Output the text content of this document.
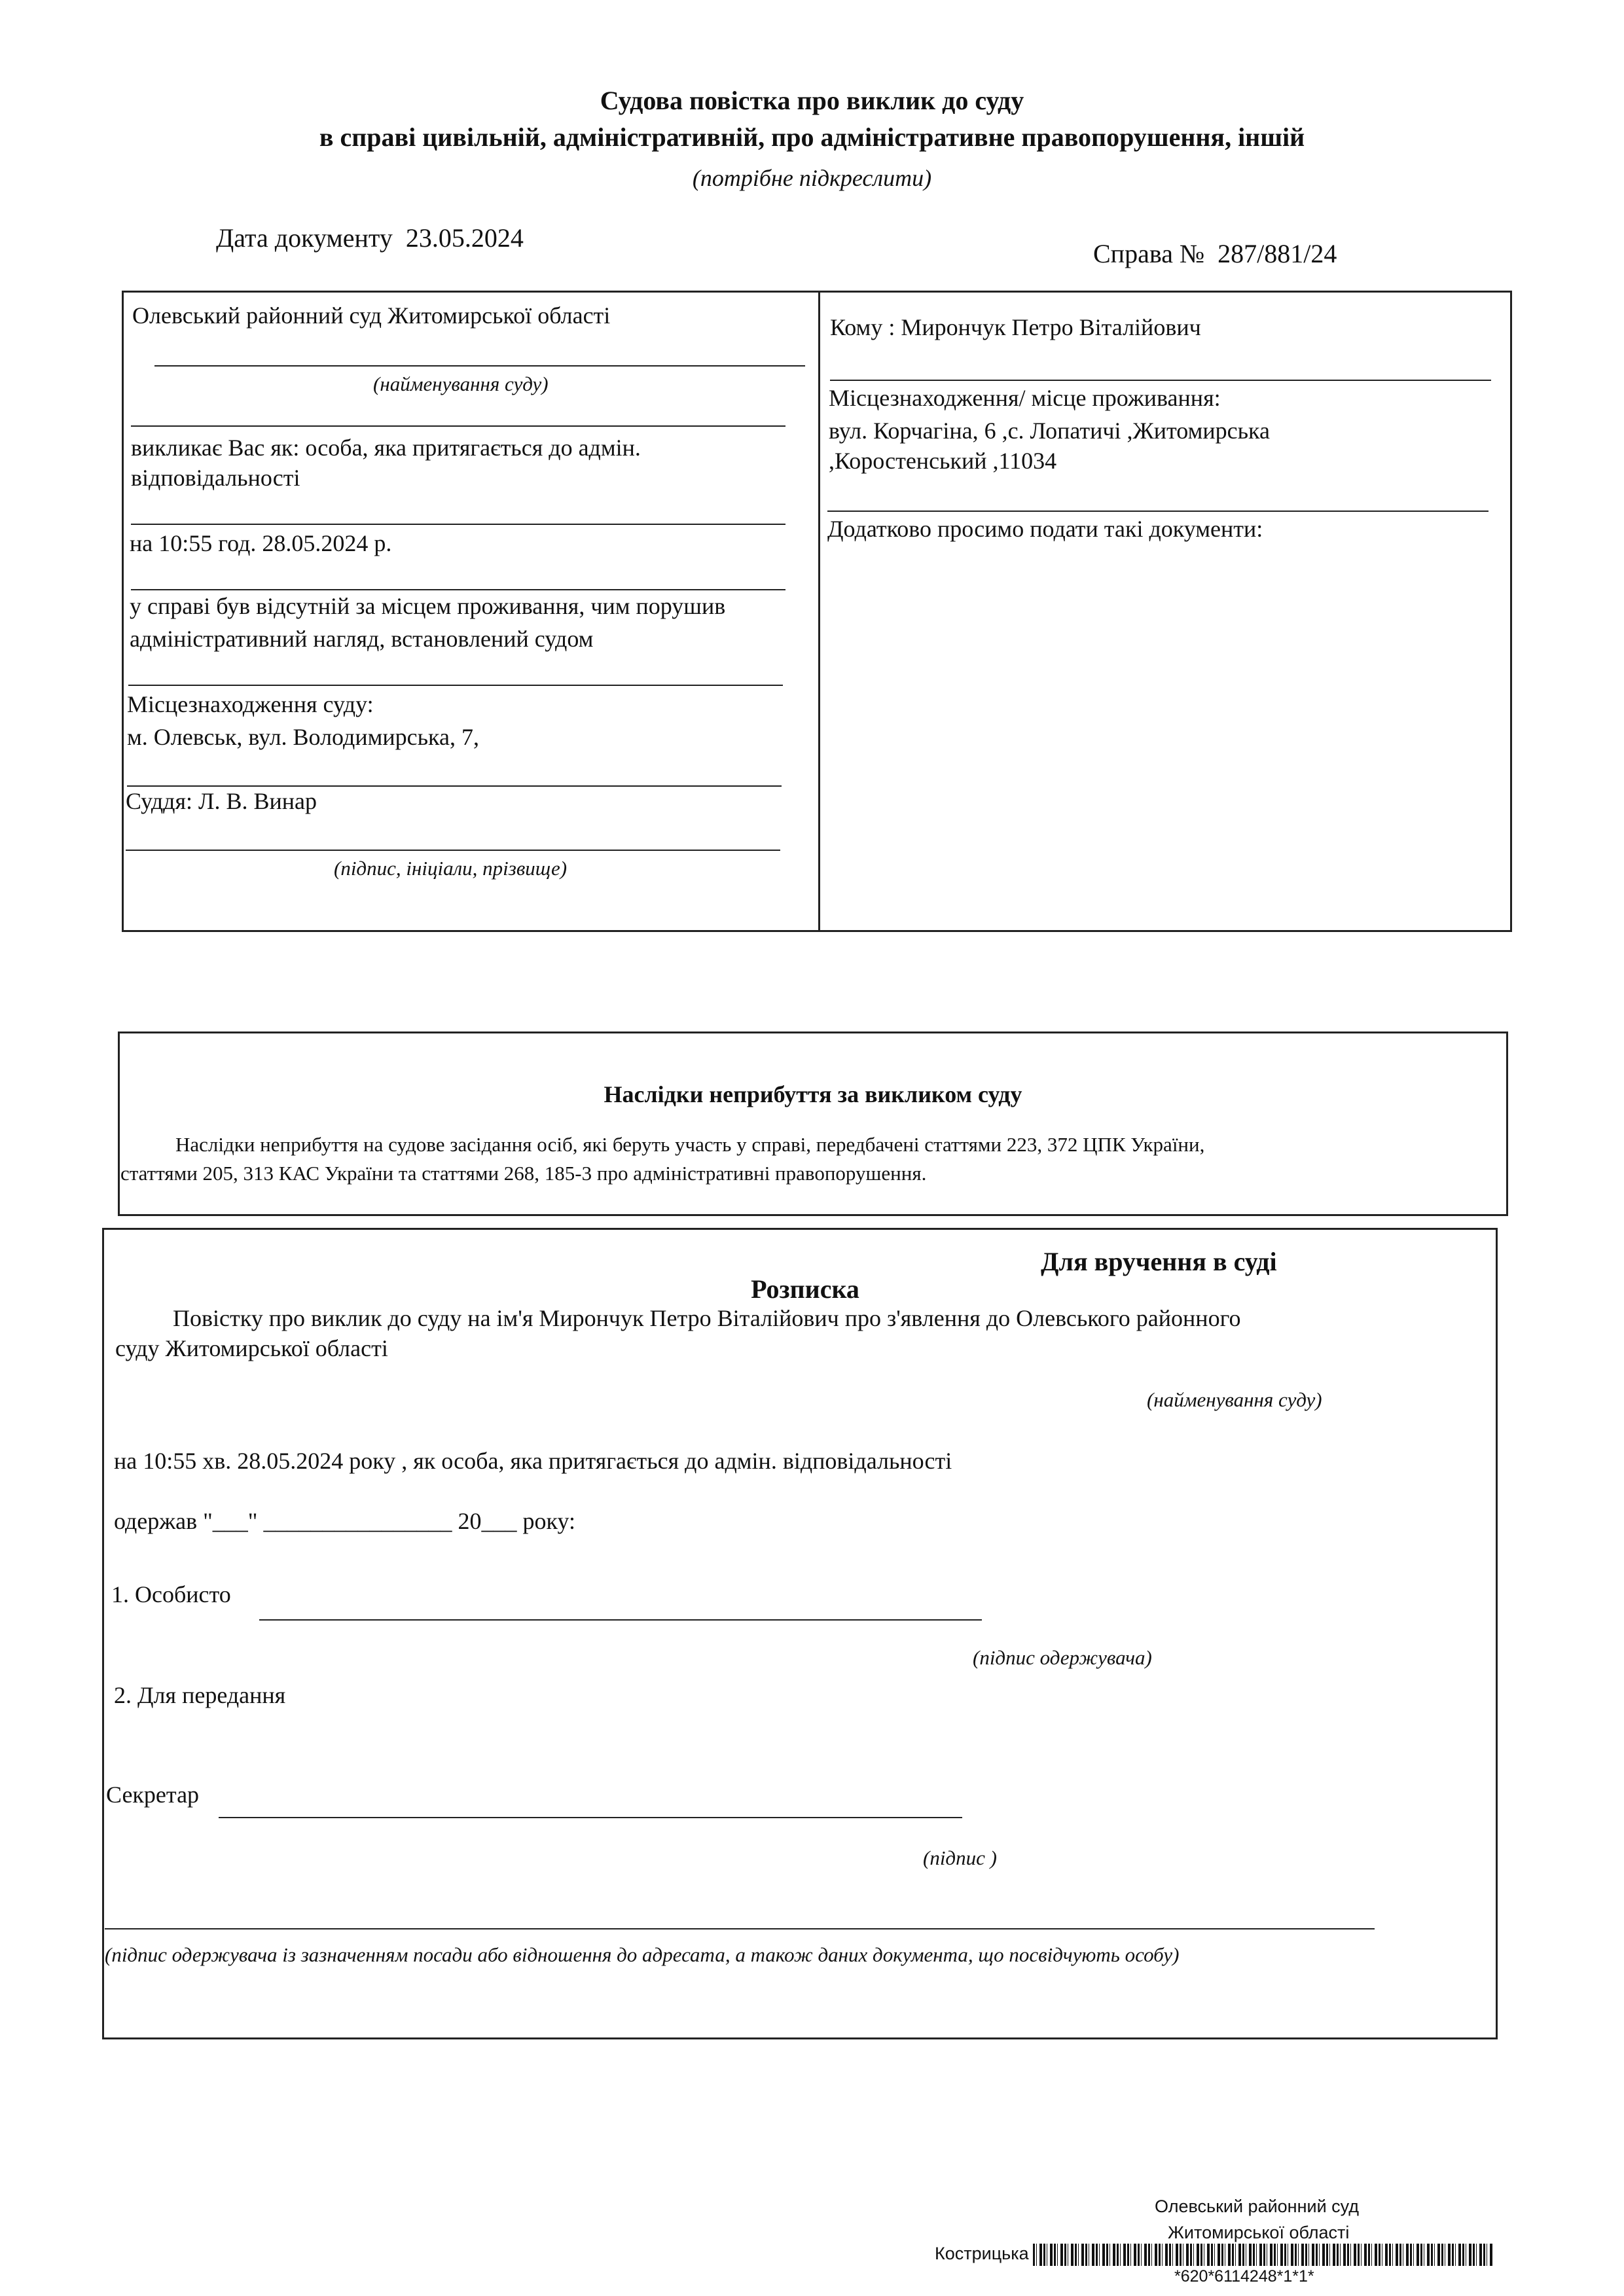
Судова повістка про виклик до суду
в справі цивільній, адміністративній, про адміністративне правопорушення, іншій
(потрібне підкреслити)
Дата документу 23.05.2024
Справа № 287/881/24
Олевський районний суд Житомирської області
(найменування суду)
викликає Вас як: особа, яка притягається до адмін.
відповідальності
на 10:55 год. 28.05.2024 р.
у справі був відсутній за місцем проживання, чим порушив
адміністративний нагляд, встановлений судом
Місцезнаходження суду:
м. Олевськ, вул. Володимирська, 7,
Суддя: Л. В. Винар
(підпис, ініціали, прізвище)
Кому : Мирончук Петро Віталійович
Місцезнаходження/ місце проживання:
вул. Корчагіна, 6 ,с. Лопатичі ,Житомирська
,Коростенський ,11034
Додатково просимо подати такі документи:
Наслідки неприбуття за викликом суду
Наслідки неприбуття на судове засідання осіб, які беруть участь у справі, передбачені статтями 223, 372 ЦПК України,
статтями 205, 313 КАС України та статтями 268, 185-3 про адміністративні правопорушення.
Для вручення в суді
Розписка
Повістку про виклик до суду на ім'я Мирончук Петро Віталійович про з'явлення до Олевського районного
суду Житомирської області
(найменування суду)
на 10:55 хв. 28.05.2024 року , як особа, яка притягається до адмін. відповідальності
одержав "___" ________________ 20___ року:
1. Особисто
(підпис одержувача)
2. Для передання
Секретар
(підпис )
(підпис одержувача із зазначенням посади або відношення до адресата, а також даних документа, що посвідчують особу)
Олевський районний суд
Житомирської області
Кострицька
*620*6114248*1*1*
